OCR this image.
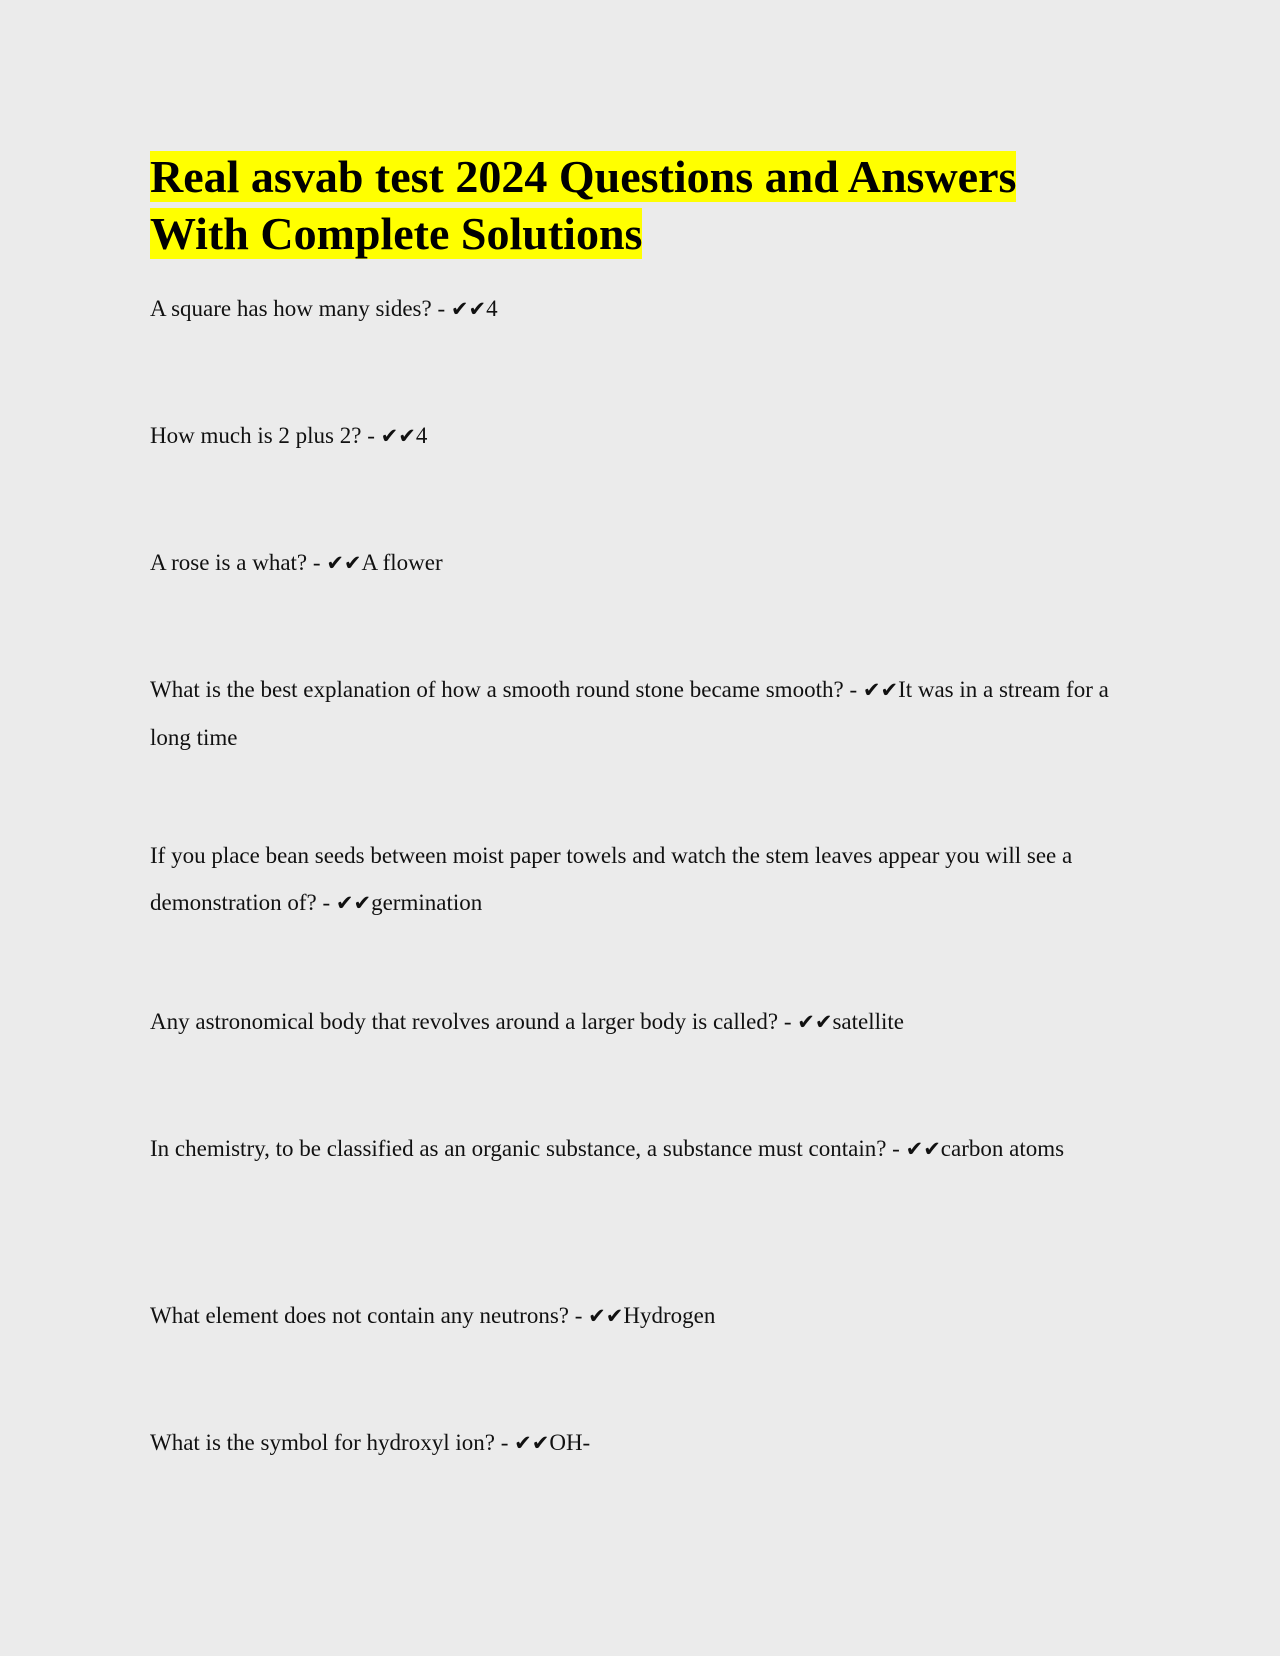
Real asvab test 2024 Questions and Answers With Complete Solutions
A square has how many sides? - ✔✔4
How much is 2 plus 2? - ✔✔4
A rose is a what? - ✔✔A flower
What is the best explanation of how a smooth round stone became smooth? - ✔✔It was in a stream for a long time
If you place bean seeds between moist paper towels and watch the stem leaves appear you will see a demonstration of? - ✔✔germination
Any astronomical body that revolves around a larger body is called? - ✔✔satellite
In chemistry, to be classified as an organic substance, a substance must contain? - ✔✔carbon atoms
What element does not contain any neutrons? - ✔✔Hydrogen
What is the symbol for hydroxyl ion? - ✔✔OH-
